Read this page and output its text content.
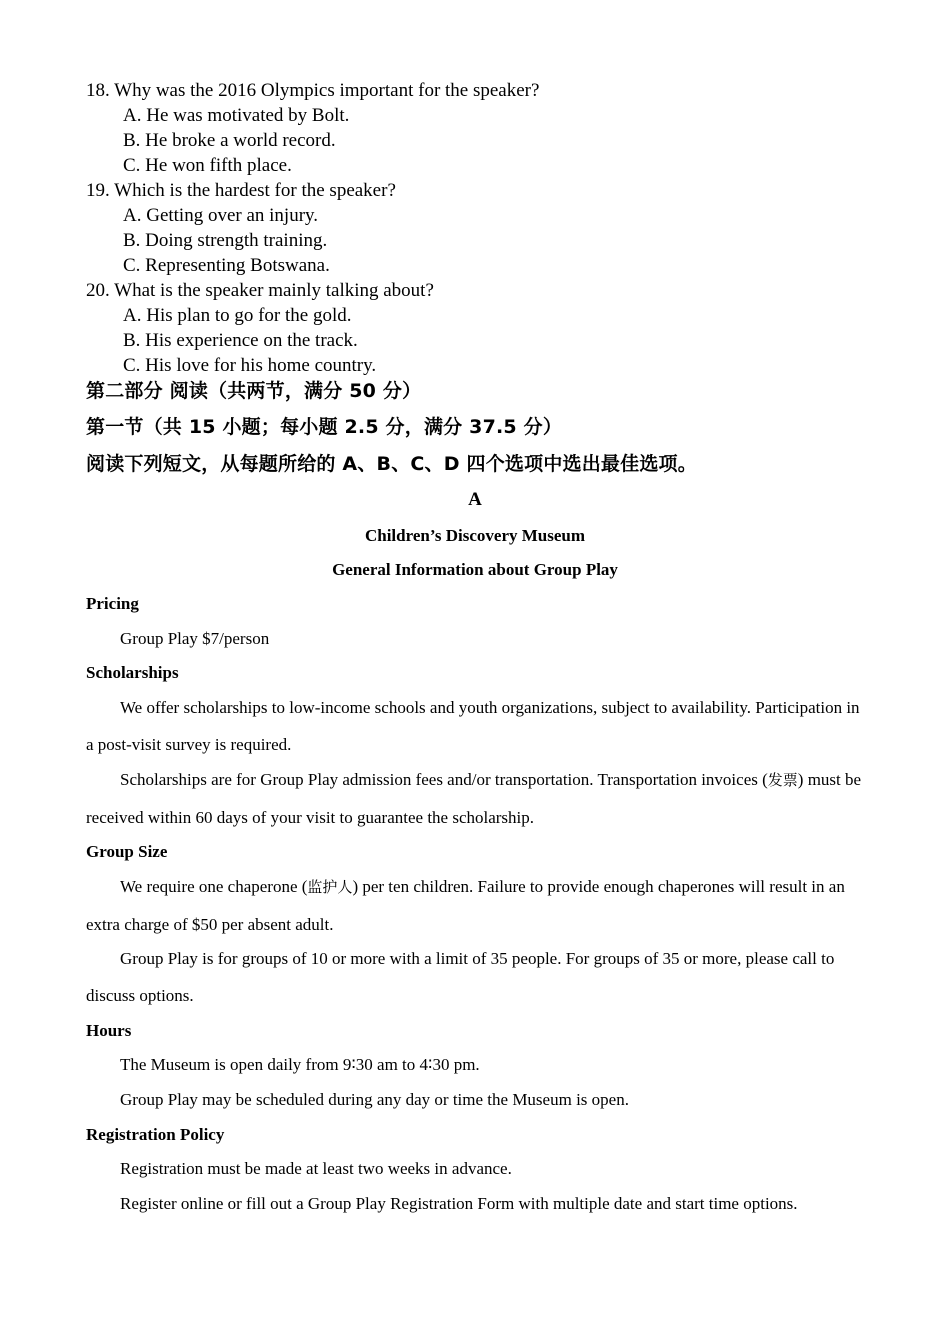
18. Why was the 2016 Olympics important for the speaker?
A. He was motivated by Bolt.
B. He broke a world record.
C. He won fifth place.
19. Which is the hardest for the speaker?
A. Getting over an injury.
B. Doing strength training.
C. Representing Botswana.
20. What is the speaker mainly talking about?
A. His plan to go for the gold.
B. His experience on the track.
C. His love for his home country.
第二部分 阅读（共两节，满分 50 分）
第一节（共 15 小题；每小题 2.5 分，满分 37.5 分）
阅读下列短文，从每题所给的 A、B、C、D 四个选项中选出最佳选项。
A
Children’s Discovery Museum
General Information about Group Play
Pricing
Group Play $7/person
Scholarships
We offer scholarships to low-income schools and youth organizations, subject to availability. Participation in a post-visit survey is required.
Scholarships are for Group Play admission fees and/or transportation. Transportation invoices (发票) must be received within 60 days of your visit to guarantee the scholarship.
Group Size
We require one chaperone (监护人) per ten children. Failure to provide enough chaperones will result in an extra charge of $50 per absent adult.
Group Play is for groups of 10 or more with a limit of 35 people. For groups of 35 or more, please call to discuss options.
Hours
The Museum is open daily from 9∶30 am to 4∶30 pm.
Group Play may be scheduled during any day or time the Museum is open.
Registration Policy
Registration must be made at least two weeks in advance.
Register online or fill out a Group Play Registration Form with multiple date and start time options.
